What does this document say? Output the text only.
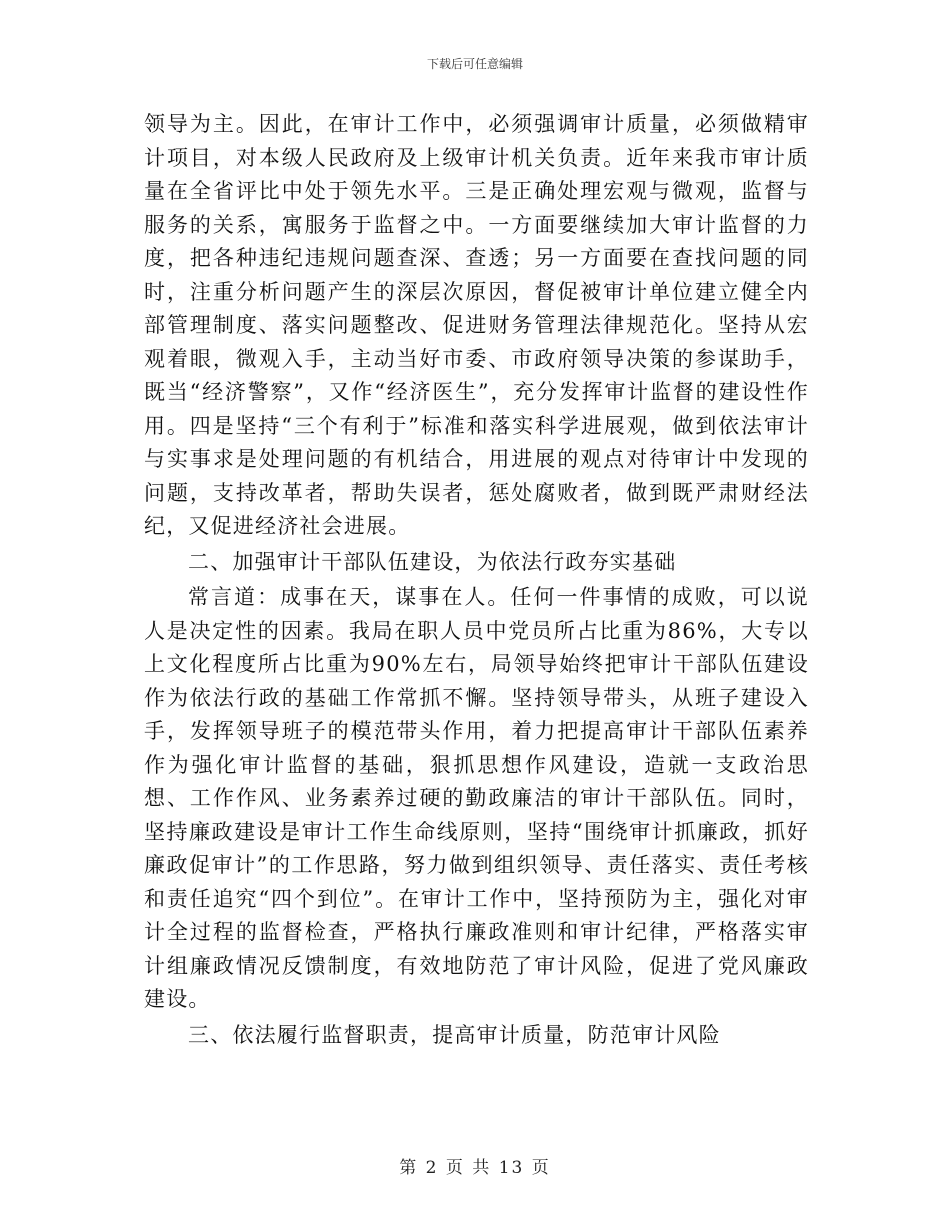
下载后可任意编辑

领导为主。因此，在审计工作中，必须强调审计质量，必须做精审计项目，对本级人民政府及上级审计机关负责。近年来我市审计质量在全省评比中处于领先水平。三是正确处理宏观与微观，监督与服务的关系，寓服务于监督之中。一方面要继续加大审计监督的力度，把各种违纪违规问题查深、查透；另一方面要在查找问题的同时，注重分析问题产生的深层次原因，督促被审计单位建立健全内部管理制度、落实问题整改、促进财务管理法律规范化。坚持从宏观着眼，微观入手，主动当好市委、市政府领导决策的参谋助手，既当“经济警察”，又作“经济医生”，充分发挥审计监督的建设性作用。四是坚持“三个有利于”标准和落实科学进展观，做到依法审计与实事求是处理问题的有机结合，用进展的观点对待审计中发现的问题，支持改革者，帮助失误者，惩处腐败者，做到既严肃财经法纪，又促进经济社会进展。

二、加强审计干部队伍建设，为依法行政夯实基础

常言道：成事在天，谋事在人。任何一件事情的成败，可以说人是决定性的因素。我局在职人员中党员所占比重为86%，大专以上文化程度所占比重为90%左右，局领导始终把审计干部队伍建设作为依法行政的基础工作常抓不懈。坚持领导带头，从班子建设入手，发挥领导班子的模范带头作用，着力把提高审计干部队伍素养作为强化审计监督的基础，狠抓思想作风建设，造就一支政治思想、工作作风、业务素养过硬的勤政廉洁的审计干部队伍。同时，坚持廉政建设是审计工作生命线原则，坚持“围绕审计抓廉政，抓好廉政促审计”的工作思路，努力做到组织领导、责任落实、责任考核和责任追究“四个到位”。在审计工作中，坚持预防为主，强化对审计全过程的监督检查，严格执行廉政准则和审计纪律，严格落实审计组廉政情况反馈制度，有效地防范了审计风险，促进了党风廉政建设。

三、依法履行监督职责，提高审计质量，防范审计风险

第 2 页 共 13 页
